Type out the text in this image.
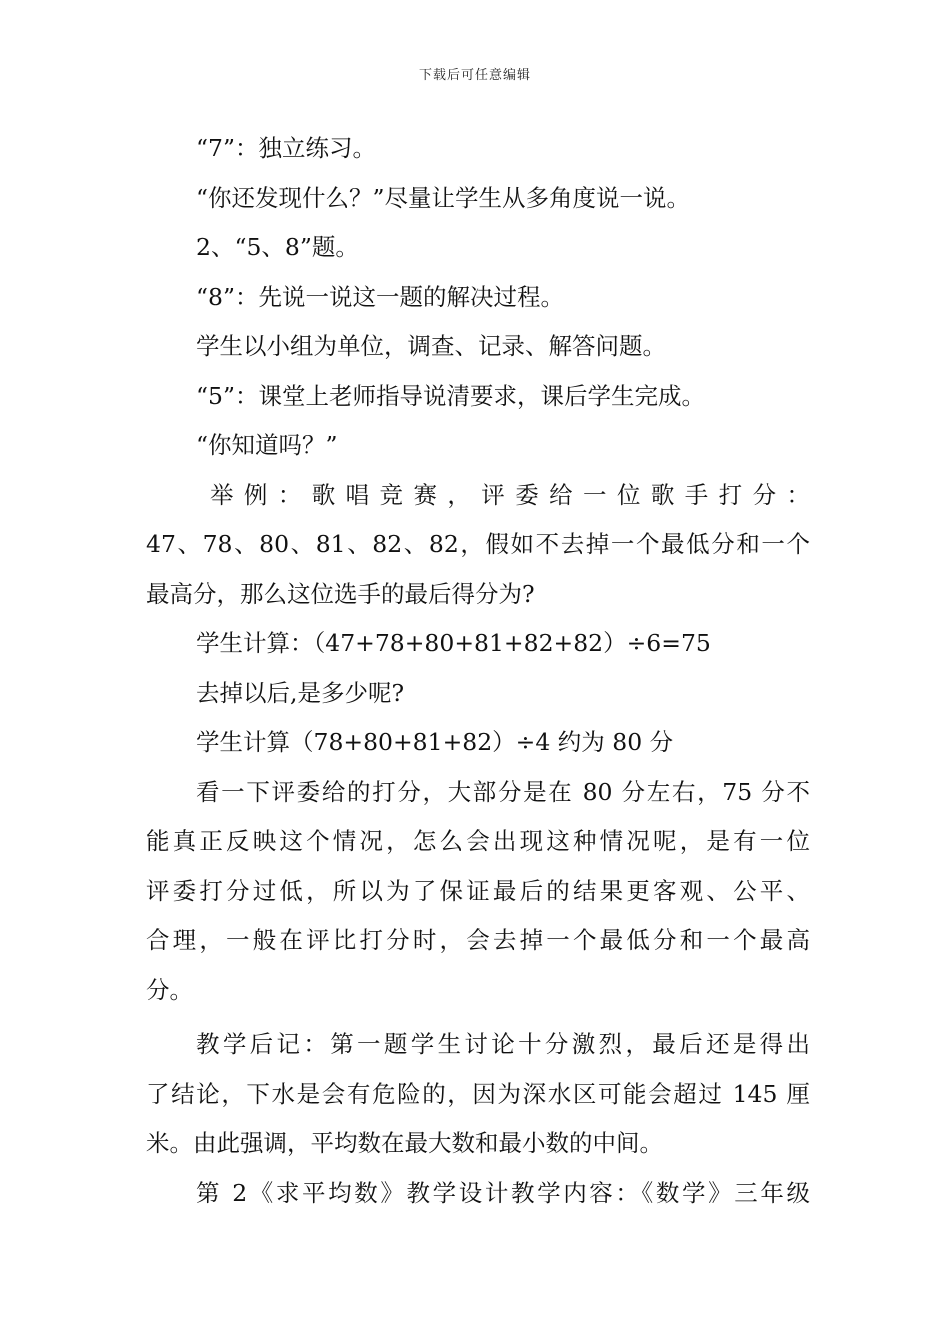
下载后可任意编辑
“7”：独立练习。
“你还发现什么？”尽量让学生从多角度说一说。
2、“5、8”题。
“8”：先说一说这一题的解决过程。
学生以小组为单位，调查、记录、解答问题。
“5”：课堂上老师指导说清要求，课后学生完成。
“你知道吗？”
举例：歌唱竞赛，评委给一位歌手打分：
47、78、80、81、82、82，假如不去掉一个最低分和一个
最高分，那么这位选手的最后得分为?
学生计算：（47+78+80+81+82+82）÷6=75
去掉以后,是多少呢?
学生计算（78+80+81+82）÷4 约为 80 分
看一下评委给的打分，大部分是在 80 分左右，75 分不
能真正反映这个情况，怎么会出现这种情况呢，是有一位
评委打分过低，所以为了保证最后的结果更客观、公平、
合理，一般在评比打分时，会去掉一个最低分和一个最高
分。
教学后记：第一题学生讨论十分激烈，最后还是得出
了结论，下水是会有危险的，因为深水区可能会超过 145 厘
米。由此强调，平均数在最大数和最小数的中间。
第 2《求平均数》教学设计教学内容：《数学》三年级
